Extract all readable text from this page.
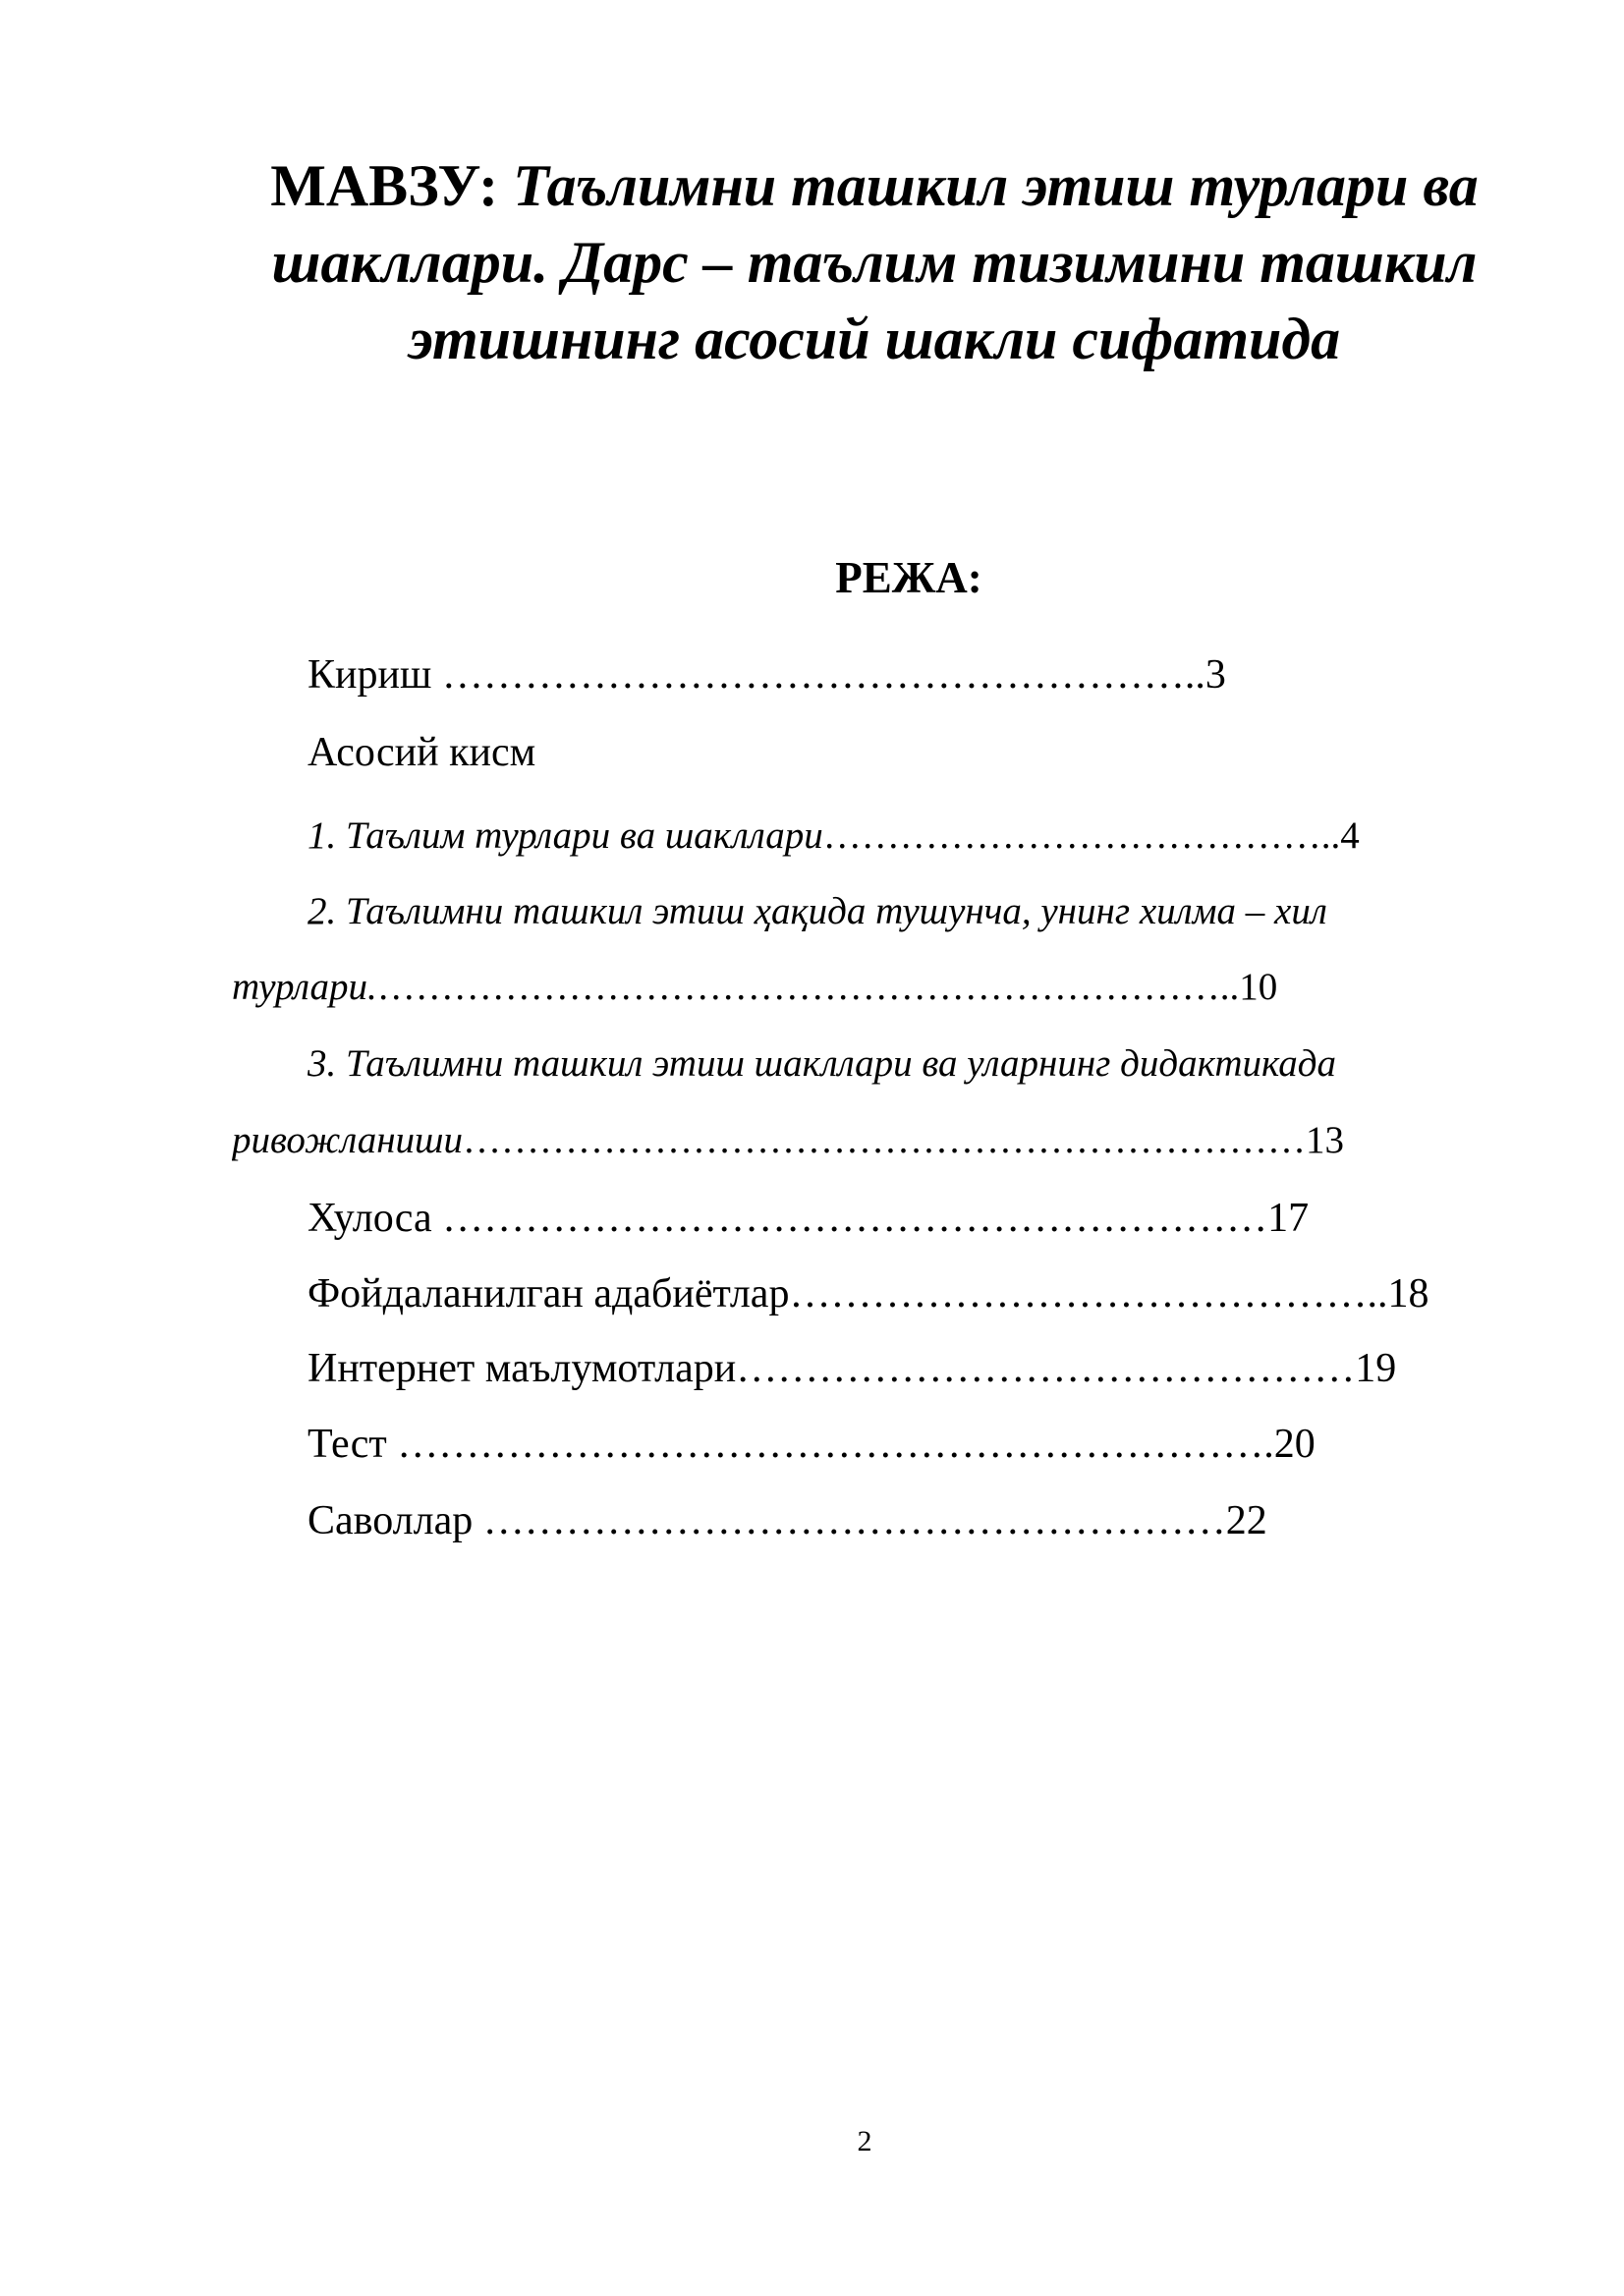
МАВЗУ: Таълимни ташкил этиш турлари ва
шакллари. Дарс – таълим тизимини ташкил
этишнинг асосий шакли сифатида
РЕЖА:
Кириш ………………………………………………..3
Асосий кисм
1. Таълим турлари ва шакллари…………………………………..4
2. Таълимни ташкил этиш ҳақида тушунча, унинг хилма – хил
турлари.…………………………………………………………..10
3. Таълимни ташкил этиш шакллари ва уларнинг дидактикада
ривожланиши…………………………………………………………13
Хулоса ……………………………………………………17
Фойдаланилган адабиётлар……………………………………..18
Интернет маълумотлари………………………………………19
Тест ……………………………………………………….20
Саволлар ………………………………………………22
2
